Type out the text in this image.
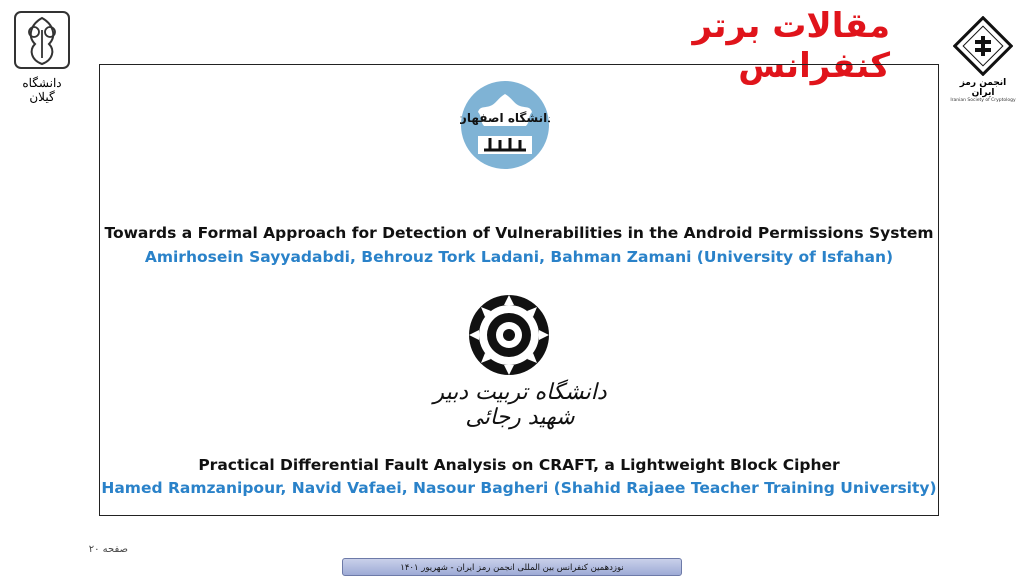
مقالات برتر کنفرانس
دانشگاه گیلان
انجمن رمز ایران
Iranian Society of Cryptology
دانشگاه اصفهان
Towards a Formal Approach for Detection of Vulnerabilities in the Android Permissions System
Amirhosein Sayyadabdi, Behrouz Tork Ladani, Bahman Zamani (University of Isfahan)
دانشگاه تربیت دبیر شهید رجائی
Practical Differential Fault Analysis on CRAFT, a Lightweight Block Cipher
Hamed Ramzanipour, Navid Vafaei, Nasour Bagheri (Shahid Rajaee Teacher Training University)
صفحه ۲۰
نوزدهمین کنفرانس بین المللی انجمن رمز ایران - شهریور ۱۴۰۱
